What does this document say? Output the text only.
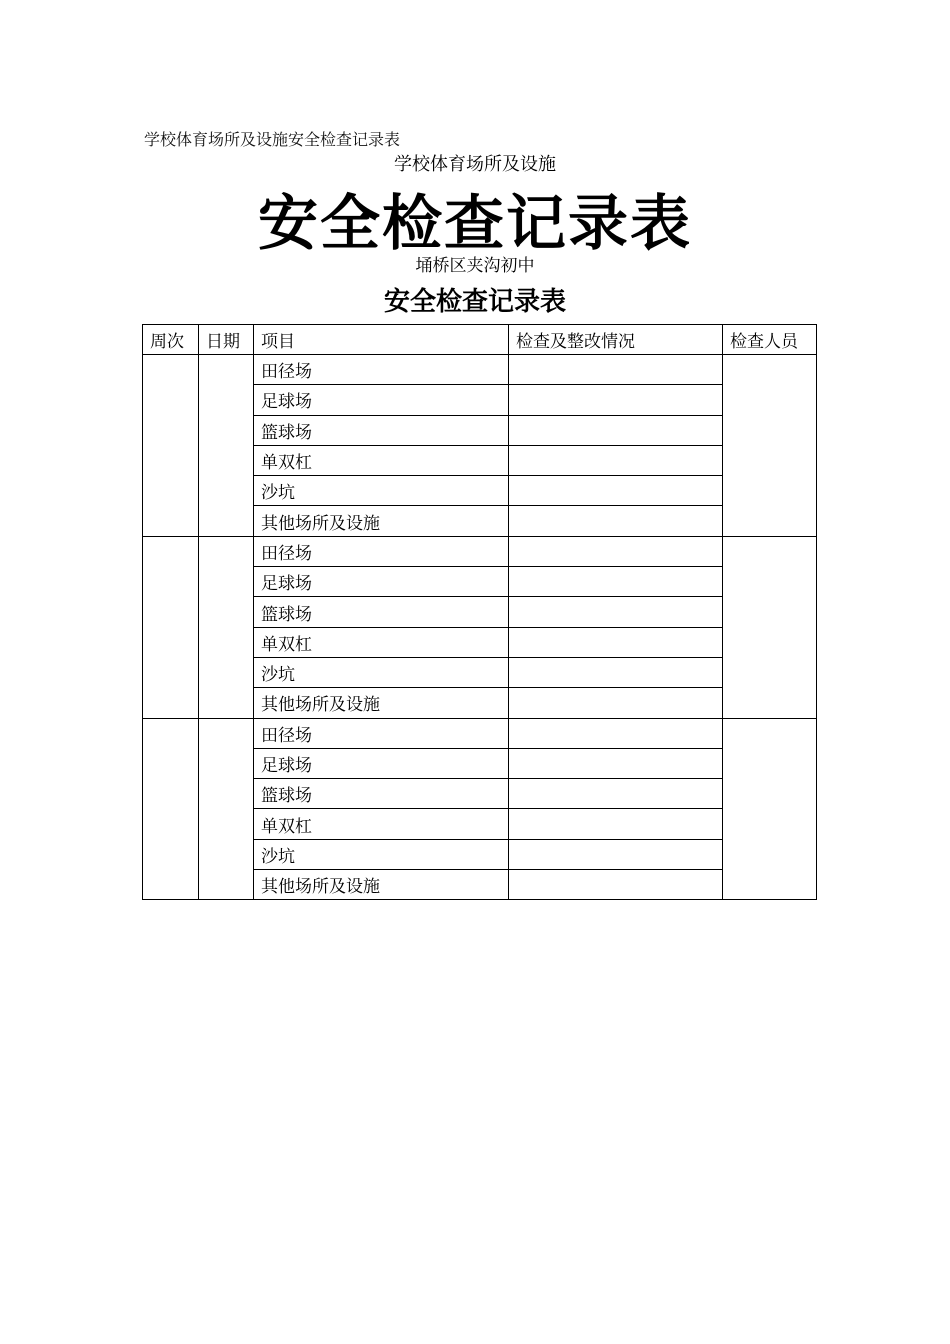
学校体育场所及设施安全检查记录表
学校体育场所及设施
安全检查记录表
埇桥区夹沟初中
安全检查记录表
周次	日期	项目	检查及整改情况	检查人员
		田径场		
		足球场		
		篮球场		
		单双杠		
		沙坑		
		其他场所及设施		
		田径场		
		足球场		
		篮球场		
		单双杠		
		沙坑		
		其他场所及设施		
		田径场		
		足球场		
		篮球场		
		单双杠		
		沙坑		
		其他场所及设施		
